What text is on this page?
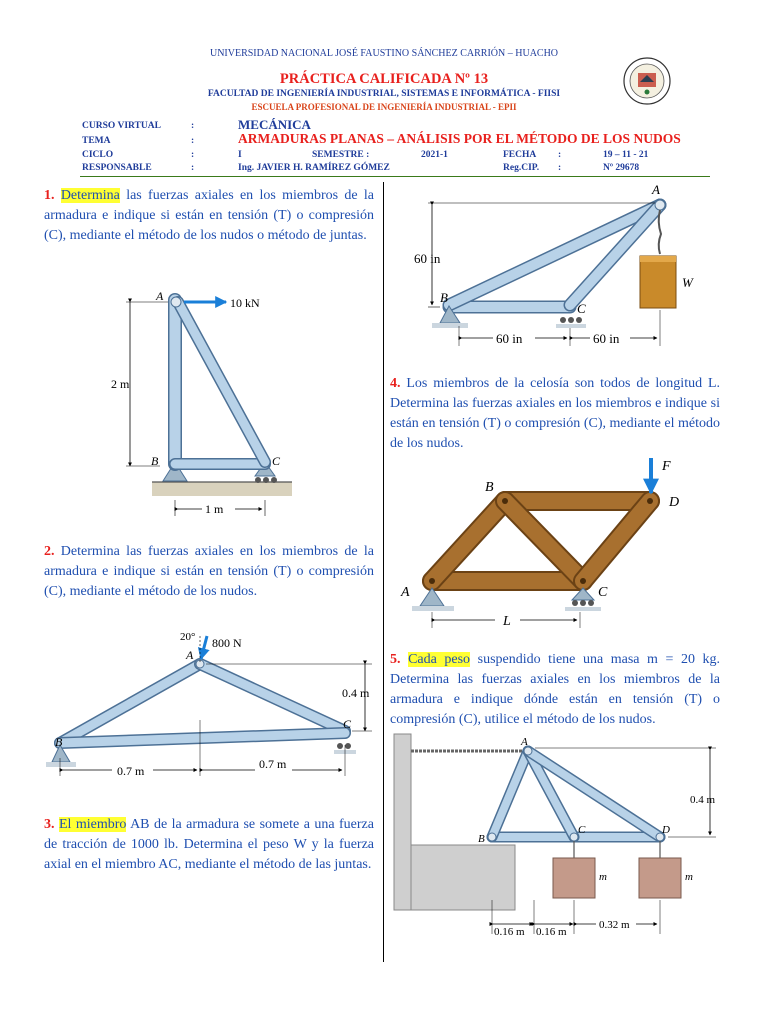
UNIVERSIDAD NACIONAL JOSÉ FAUSTINO SÁNCHEZ CARRIÓN – HUACHO
PRÁCTICA CALIFICADA Nº 13
FACULTAD DE INGENIERÍA INDUSTRIAL, SISTEMAS E INFORMÁTICA - FIISI
ESCUELA PROFESIONAL DE INGENIERÍA INDUSTRIAL - EPII
CURSO VIRTUAL	:	MECÁNICA
TEMA	:	ARMADURAS PLANAS – ANÁLISIS POR EL MÉTODO DE LOS NUDOS
CICLO	:	I	SEMESTRE :	2021-1	FECHA :	19 – 11 - 21
RESPONSABLE	:	Ing. JAVIER H. RAMÍREZ GÓMEZ	Reg.CIP. :	Nº 29678
1. Determina las fuerzas axiales en los miembros de la armadura e indique si están en tensión (T) o compresión (C), mediante el método de los nudos o método de juntas.
2. Determina las fuerzas axiales en los miembros de la armadura e indique si están en tensión (T) o compresión (C), mediante el método de los nudos.
3. El miembro AB de la armadura se somete a una fuerza de tracción de 1000 lb. Determina el peso W y la fuerza axial en el miembro AC, mediante el método de las juntas.
4. Los miembros de la celosía son todos de longitud L. Determina las fuerzas axiales en los miembros e indique si están en tensión (T) o compresión (C), mediante el método de los nudos.
5. Cada peso suspendido tiene una masa m = 20 kg. Determina las fuerzas axiales en los miembros de la armadura e indique dónde están en tensión (T) o compresión (C), utilice el método de los nudos.
A
B	C
10 kN
2 m
1 m
A
B
C
20° 800 N
0.4 m
0.7 m	0.7 m
A
B
C
W
60 in
60 in	60 in
A
B
C
D
F
L
A
B
C	D
m	m
0.4 m
0.16 m 0.16 m
0.32 m
